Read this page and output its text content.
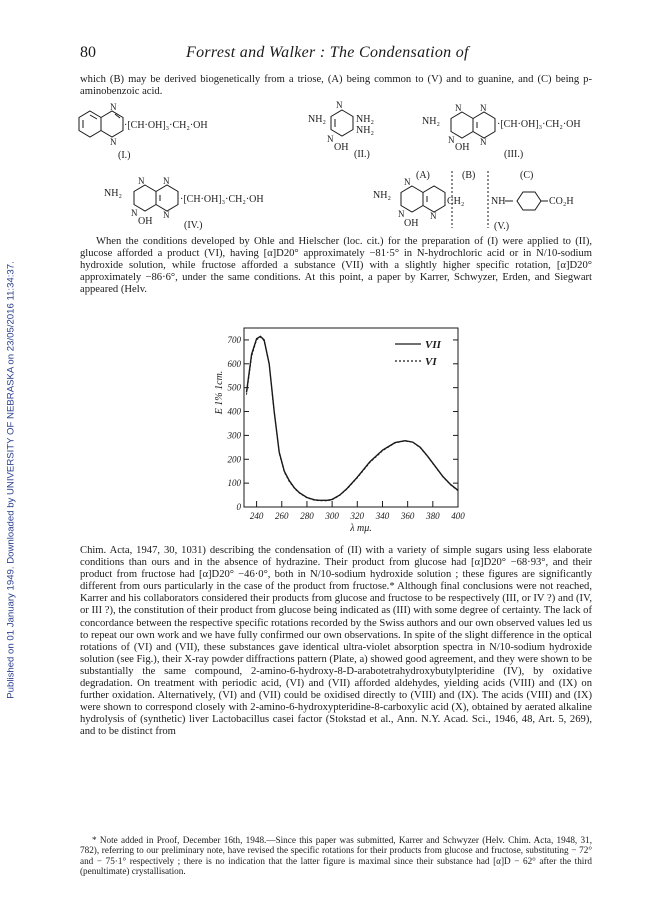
Published on 01 January 1949. Downloaded by UNIVERSITY OF NEBRASKA on 23/05/2016 11:34:37.
80	Forrest and Walker : The Condensation of

which (B) may be derived biogenetically from a triose, (A) being common to (V) and to guanine, and (C) being p-aminobenzoic acid.

N
N
·[CH·OH]₃·CH₂·OH
(I.)
NH₂	NH₂
NH₂
N
N
OH
(II.)
NH₂	·[CH·OH]₃·CH₂·OH
N N
N	N
OH
(III.)
NH₂
·[CH·OH]₃·CH₂·OH
N N
N	N
OH	(IV.)
NH₂
(A)	(B)	(C)
CH₂	NH	CO₂H
N
N	N
OH	(V.)

When the conditions developed by Ohle and Hielscher (loc. cit.) for the preparation of (I) were applied to (II), glucose afforded a product (VI), having [α]D20° approximately −81·5° in N-hydrochloric acid or in N/10-sodium hydroxide solution, while fructose afforded a substance (VII) with a slightly higher specific rotation, [α]D20° approximately −86·6°, under the same conditions. At this point, a paper by Karrer, Schwyzer, Erden, and Siegwart appeared (Helv.

0
100
200
300
400
500
600
700
240 260 280 300 320 340 360 380 400
λ mμ.
E 1% 1cm.
VII
VI

Chim. Acta, 1947, 30, 1031) describing the condensation of (II) with a variety of simple sugars using less elaborate conditions than ours and in the absence of hydrazine. Their product from glucose had [α]D20° −68·93°, and their product from fructose had [α]D20° −46·0°, both in N/10-sodium hydroxide solution ; these figures are significantly different from ours particularly in the case of the product from fructose.* Although final conclusions were not reached, Karrer and his collaborators considered their products from glucose and fructose to be respectively (III, or IV ?) and (IV, or III ?), the constitution of their product from glucose being indicated as (III) with some degree of certainty. The lack of concordance between the respective specific rotations recorded by the Swiss authors and our own observed values led us to repeat our own work and we have fully confirmed our own observations. In spite of the slight difference in the optical rotations of (VI) and (VII), these substances gave identical ultra-violet absorption spectra in N/10-sodium hydroxide solution (see Fig.), their X-ray powder diffractions pattern (Plate, a) showed good agreement, and they were shown to be substantially the same compound, 2-amino-6-hydroxy-8-D-arabotetrahydroxybutylpteridine (IV), by oxidative degradation. On treatment with periodic acid, (VI) and (VII) afforded aldehydes, yielding acids (VIII) and (IX) on further oxidation. Alternatively, (VI) and (VII) could be oxidised directly to (VIII) and (IX). The acids (VIII) and (IX) were shown to correspond closely with 2-amino-6-hydroxypteridine-8-carboxylic acid (X), obtained by aerated alkaline hydrolysis of (synthetic) liver Lactobacillus casei factor (Stokstad et al., Ann. N.Y. Acad. Sci., 1946, 48, Art. 5, 269), and to be distinct from

* Note added in Proof, December 16th, 1948.—Since this paper was submitted, Karrer and Schwyzer (Helv. Chim. Acta, 1948, 31, 782), referring to our preliminary note, have revised the specific rotations for their products from glucose and fructose, substituting − 72° and − 75·1° respectively ; there is no indication that the latter figure is maximal since their substance had [α]D − 62° after the third (penultimate) crystallisation.
